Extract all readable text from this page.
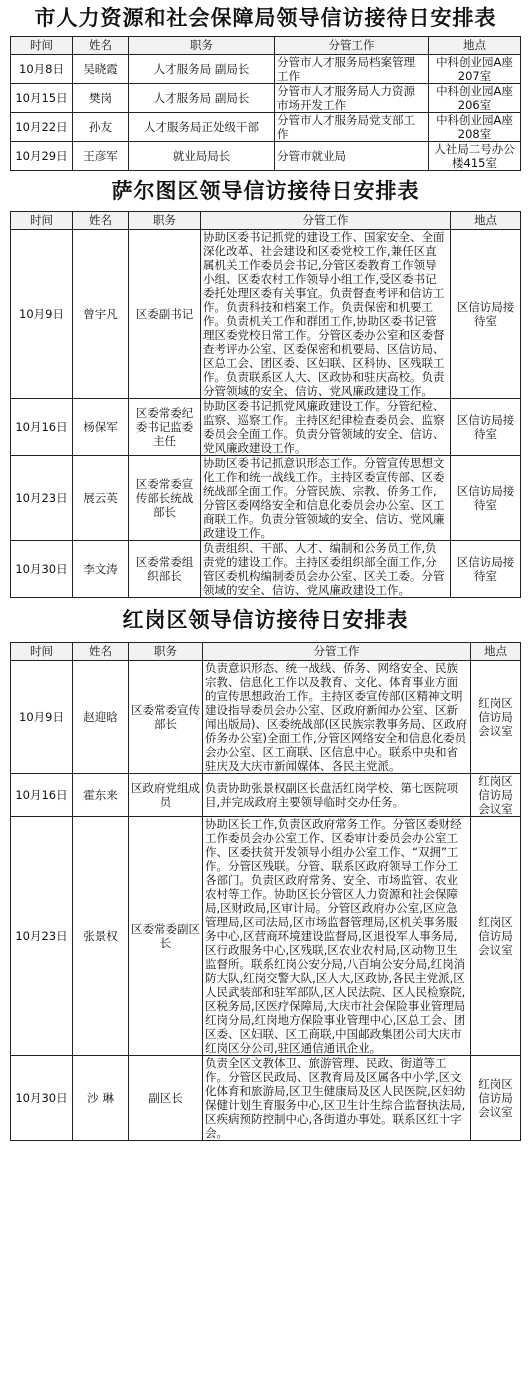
市人力资源和社会保障局领导信访接待日安排表
时间	姓名	职务	分管工作	地点
10月8日	吴晓霞	人才服务局 副局长	分管市人才服务局档案管理工作	中科创业园A座207室
10月15日	樊岗	人才服务局 副局长	分管市人才服务局人力资源市场开发工作	中科创业园A座206室
10月22日	孙友	人才服务局正处级干部	分管市人才服务局党支部工作	中科创业园A座208室
10月29日	王彦军	就业局局长	分管市就业局	人社局二号办公楼415室
萨尔图区领导信访接待日安排表
时间	姓名	职务	分管工作	地点
10月9日	曾宇凡	区委副书记	协助区委书记抓党的建设工作、国家安全、全面深化改革、社会建设和区委党校工作,兼任区直属机关工作委员会书记,分管区委教育工作领导小组、区委农村工作领导小组工作,受区委书记委托处理区委有关事宜。负责督查考评和信访工作。负责科技和档案工作。负责保密和机要工作。负责机关工作和群团工作,协助区委书记管理区委党校日常工作。分管区委办公室和区委督查考评办公室、区委保密和机要局、区信访局、区总工会、团区委、区妇联、区科协、区残联工作。负责联系区人大、区政协和驻庆高校。负责分管领域的安全、信访、党风廉政建设工作。	区信访局接待室
10月16日	杨保军	区委常委纪委书记监委主任	协助区委书记抓党风廉政建设工作。分管纪检、监察、巡察工作。主持区纪律检查委员会、监察委员会全面工作。负责分管领域的安全、信访、党风廉政建设工作。	区信访局接待室
10月23日	展云英	区委常委宣传部长统战部长	协助区委书记抓意识形态工作。分管宣传思想文化工作和统一战线工作。主持区委宣传部、区委统战部全面工作。分管民族、宗教、侨务工作,分管区委网络安全和信息化委员会办公室、区工商联工作。负责分管领域的安全、信访、党风廉政建设工作。	区信访局接待室
10月30日	李文涛	区委常委组织部长	负责组织、干部、人才、编制和公务员工作,负责党的建设工作。主持区委组织部全面工作,分管区委机构编制委员会办公室、区关工委。分管领域的安全、信访、党风廉政建设工作。	区信访局接待室
红岗区领导信访接待日安排表
时间	姓名	职务	分管工作	地点
10月9日	赵迎晗	区委常委宣传部长	负责意识形态、统一战线、侨务、网络安全、民族宗教、信息化工作以及教育、文化、体育事业方面的宣传思想政治工作。主持区委宣传部(区精神文明建设指导委员会办公室、区政府新闻办公室、区新闻出版局)、区委统战部(区民族宗教事务局、区政府侨务办公室)全面工作,分管区网络安全和信息化委员会办公室、区工商联、区信息中心。联系中央和省驻庆及大庆市新闻媒体、各民主党派。	红岗区信访局会议室
10月16日	霍东来	区政府党组成员	负责协助张景权副区长盘活红岗学校、第七医院项目,并完成政府主要领导临时交办任务。	红岗区信访局会议室
10月23日	张景权	区委常委副区长	协助区长工作,负责区政府常务工作。分管区委财经工作委员会办公室工作、区委审计委员会办公室工作、区委扶贫开发领导小组办公室工作、“双拥”工作。分管区残联。分管、联系区政府领导工作分工各部门。负责区政府常务、安全、市场监管、农业农村等工作。协助区长分管区人力资源和社会保障局,区财政局,区审计局。分管区政府办公室,区应急管理局,区司法局,区市场监督管理局,区机关事务服务中心,区营商环境建设监督局,区退役军人事务局,区行政服务中心,区残联,区农业农村局,区动物卫生监督所。联系红岗公安分局,八百垧公安分局,红岗消防大队,红岗交警大队,区人大,区政协,各民主党派,区人民武装部和驻军部队,区人民法院、区人民检察院,区税务局,区医疗保障局,大庆市社会保险事业管理局红岗分局,红岗地方保险事业管理中心,区总工会、团区委、区妇联、区工商联,中国邮政集团公司大庆市红岗区分公司,驻区通信通讯企业。	红岗区信访局会议室
10月30日	沙 琳	副区长	负责全区文教体卫、旅游管理、民政、街道等工作。分管区民政局、区教育局及区属各中小学,区文化体育和旅游局,区卫生健康局及区人民医院,区妇幼保健计划生育服务中心,区卫生计生综合监督执法局,区疾病预防控制中心,各街道办事处。联系区红十字会。	红岗区信访局会议室
